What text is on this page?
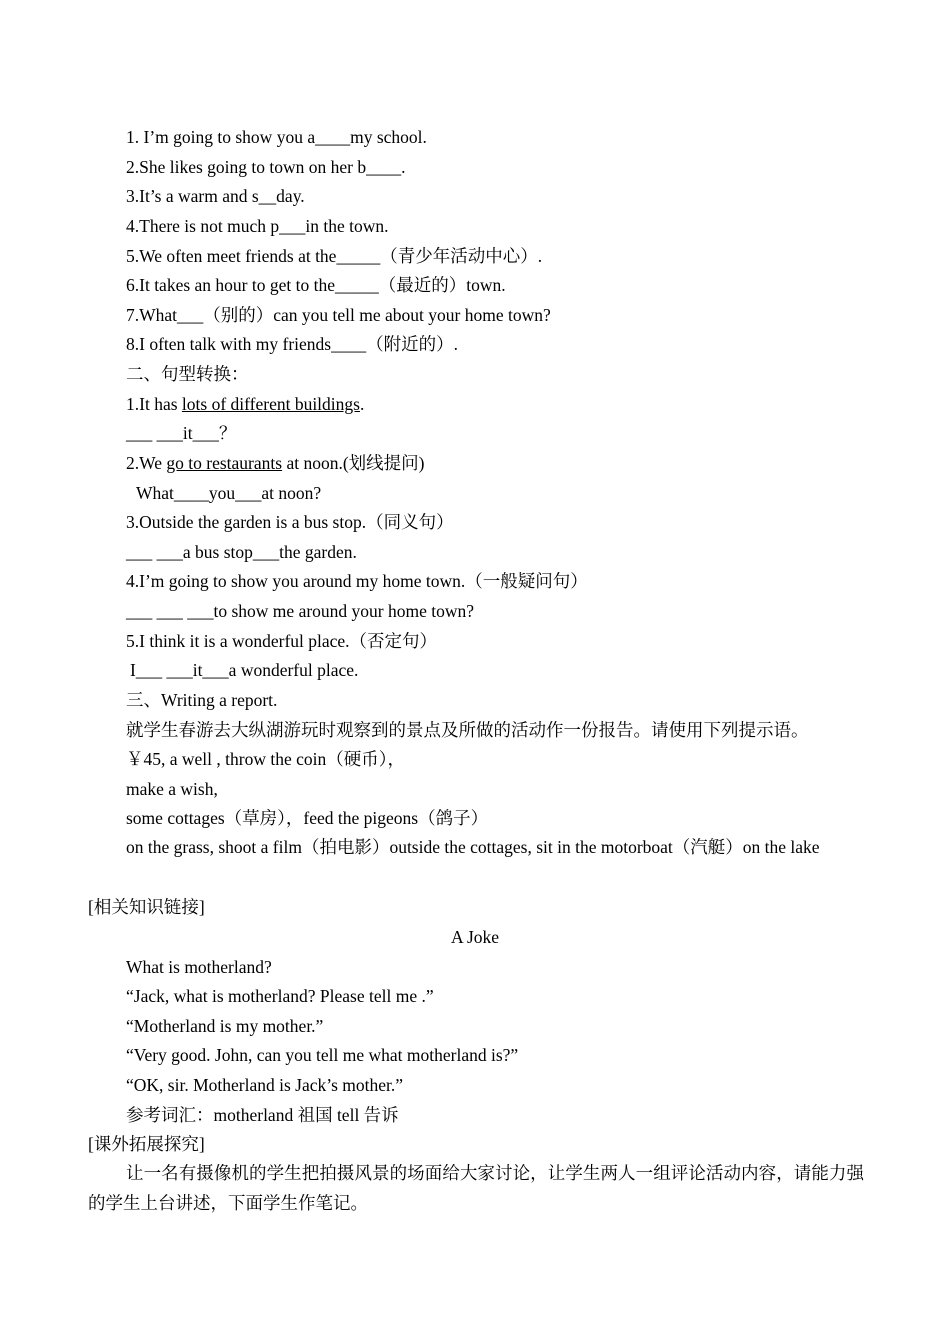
1. I’m going to show you a____my school.
2.She likes going to town on her b____.
3.It’s a warm and s__day.
4.There is not much p___in the town.
5.We often meet friends at the_____（青少年活动中心）.
6.It takes an hour to get to the_____（最近的）town.
7.What___（别的）can you tell me about your home town?
8.I often talk with my friends____（附近的）.
二、句型转换：
1.It has lots of different buildings.
___ ___it___？
2.We go to restaurants at noon.(划线提问)
What____you___at noon?
3.Outside the garden is a bus stop.（同义句）
___ ___a bus stop___the garden.
4.I’m going to show you around my home town.（一般疑问句）
___ ___ ___to show me around your home town?
5.I think it is a wonderful place.（否定句）
I___ ___it___a wonderful place.
三、Writing a report.
就学生春游去大纵湖游玩时观察到的景点及所做的活动作一份报告。请使用下列提示语。
￥45, a well , throw the coin（硬币），
make a wish,
some cottages（草房），feed the pigeons（鸽子）
on the grass, shoot a film（拍电影）outside the cottages, sit in the motorboat（汽艇）on the lake
[相关知识链接]
A Joke
What is motherland?
“Jack, what is motherland? Please tell me .”
“Motherland is my mother.”
“Very good. John, can you tell me what motherland is?”
“OK, sir. Motherland is Jack’s mother.”
参考词汇：motherland 祖国 tell 告诉
[课外拓展探究]
让一名有摄像机的学生把拍摄风景的场面给大家讨论，让学生两人一组评论活动内容，请能力强的学生上台讲述，下面学生作笔记。
